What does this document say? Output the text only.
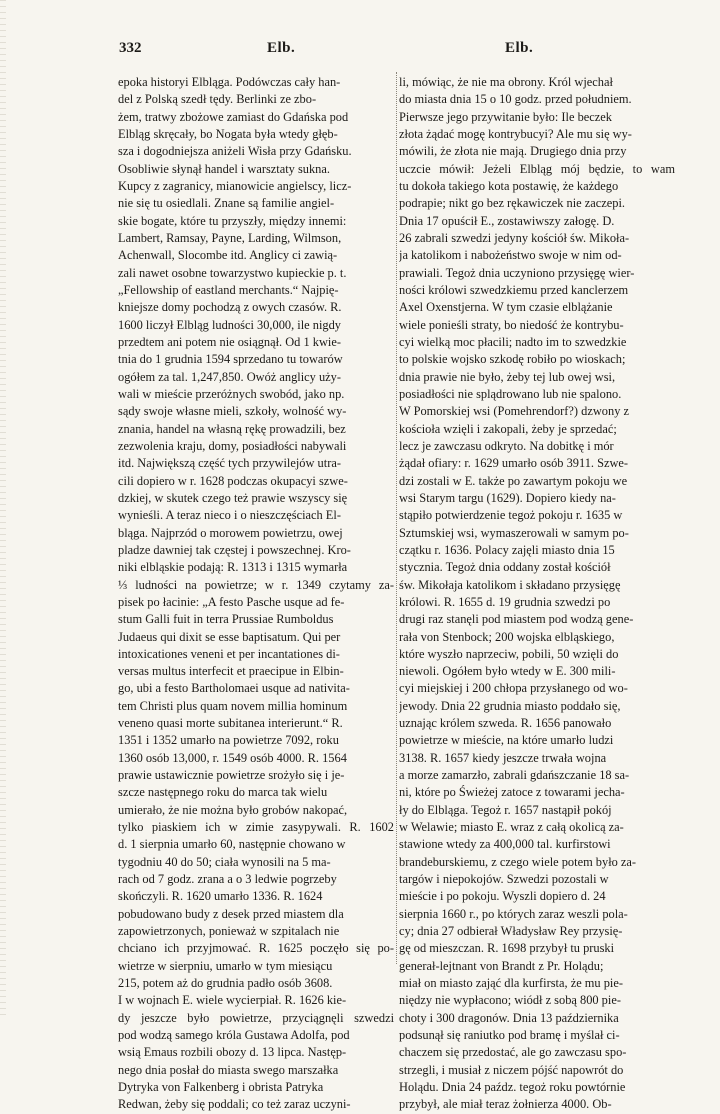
332	Elb.	Elb.
epoka historyi Elbląga. Podówczas cały han-
del z Polską szedł tędy. Berlinki ze zbo-
żem, tratwy zbożowe zamiast do Gdańska pod
Elbląg skręcały, bo Nogata była wtedy głęb-
sza i dogodniejsza aniżeli Wisła przy Gdańsku.
Osobliwie słynął handel i warsztaty sukna.
Kupcy z zagranicy, mianowicie angielscy, licz-
nie się tu osiedlali. Znane są familie angiel-
skie bogate, które tu przyszły, między innemi:
Lambert, Ramsay, Payne, Larding, Wilmson,
Achenwall, Slocombe itd. Anglicy ci zawią-
zali nawet osobne towarzystwo kupieckie p. t.
„Fellowship of eastland merchants.“ Najpię-
kniejsze domy pochodzą z owych czasów. R.
1600 liczył Elbląg ludności 30,000, ile nigdy
przedtem ani potem nie osiągnął. Od 1 kwie-
tnia do 1 grudnia 1594 sprzedano tu towarów
ogółem za tal. 1,247,850. Owóż anglicy uży-
wali w mieście przeróżnych swobód, jako np.
sądy swoje własne mieli, szkoły, wolność wy-
znania, handel na własną rękę prowadzili, bez
zezwolenia kraju, domy, posiadłości nabywali
itd. Największą część tych przywilejów utra-
cili dopiero w r. 1628 podczas okupacyi szwe-
dzkiej, w skutek czego też prawie wszyscy się
wynieśli. A teraz nieco i o nieszczęściach El-
bląga. Najprzód o morowem powietrzu, owej
pladze dawniej tak częstej i powszechnej. Kro-
niki elbląskie podają: R. 1313 i 1315 wymarła
⅓ ludności na powietrze; w r. 1349 czytamy za-
pisek po łacinie: „A festo Pasche usque ad fe-
stum Galli fuit in terra Prussiae Rumboldus
Judaeus qui dixit se esse baptisatum. Qui per
intoxicationes veneni et per incantationes di-
versas multus interfecit et praecipue in Elbin-
go, ubi a festo Bartholomaei usque ad nativita-
tem Christi plus quam novem millia hominum
veneno quasi morte subitanea interierunt.“ R.
1351 i 1352 umarło na powietrze 7092, roku
1360 osób 13,000, r. 1549 osób 4000. R. 1564
prawie ustawicznie powietrze srożyło się i je-
szcze następnego roku do marca tak wielu
umierało, że nie można było grobów nakopać,
tylko piaskiem ich w zimie zasypywali. R. 1602
d. 1 sierpnia umarło 60, następnie chowano w
tygodniu 40 do 50; ciała wynosili na 5 ma-
rach od 7 godz. zrana a o 3 ledwie pogrzeby
skończyli. R. 1620 umarło 1336. R. 1624
pobudowano budy z desek przed miastem dla
zapowietrzonych, ponieważ w szpitalach nie
chciano ich przyjmować. R. 1625 poczęło się po-
wietrze w sierpniu, umarło w tym miesiącu
215, potem aż do grudnia padło osób 3608.
I w wojnach E. wiele wycierpiał. R. 1626 kie-
dy jeszcze było powietrze, przyciągnęli szwedzi
pod wodzą samego króla Gustawa Adolfa, pod
wsią Emaus rozbili obozy d. 13 lipca. Następ-
nego dnia posłał do miasta swego marszałka
Dytryka von Falkenberg i obrista Patryka
Redwan, żeby się poddali; co też zaraz uczyni-
li, mówiąc, że nie ma obrony. Król wjechał
do miasta dnia 15 o 10 godz. przed południem.
Pierwsze jego przywitanie było: Ile beczek
złota żądać mogę kontrybucyi? Ale mu się wy-
mówili, że złota nie mają. Drugiego dnia przy
uczcie mówił: Jeżeli Elbląg mój będzie, to wam
tu dokoła takiego kota postawię, że każdego
podrapie; nikt go bez rękawiczek nie zaczepi.
Dnia 17 opuścił E., zostawiwszy załogę. D.
26 zabrali szwedzi jedyny kościół św. Mikoła-
ja katolikom i nabożeństwo swoje w nim od-
prawiali. Tegoż dnia uczyniono przysięgę wier-
ności królowi szwedzkiemu przed kanclerzem
Axel Oxenstjerna. W tym czasie elblążanie
wiele ponieśli straty, bo niedość że kontrybu-
cyi wielką moc płacili; nadto im to szwedzkie
to polskie wojsko szkodę robiło po wioskach;
dnia prawie nie było, żeby tej lub owej wsi,
posiadłości nie splądrowano lub nie spalono.
W Pomorskiej wsi (Pomehrendorf?) dzwony z
kościoła wzięli i zakopali, żeby je sprzedać;
lecz je zawczasu odkryto. Na dobitkę i mór
żądał ofiary: r. 1629 umarło osób 3911. Szwe-
dzi zostali w E. także po zawartym pokoju we
wsi Starym targu (1629). Dopiero kiedy na-
stąpiło potwierdzenie tegoż pokoju r. 1635 w
Sztumskiej wsi, wymaszerowali w samym po-
czątku r. 1636. Polacy zajęli miasto dnia 15
stycznia. Tegoż dnia oddany został kościół
św. Mikołaja katolikom i składano przysięgę
królowi. R. 1655 d. 19 grudnia szwedzi po
drugi raz stanęli pod miastem pod wodzą gene-
rała von Stenbock; 200 wojska elbląskiego,
które wyszło naprzeciw, pobili, 50 wzięli do
niewoli. Ogółem było wtedy w E. 300 mili-
cyi miejskiej i 200 chłopa przysłanego od wo-
jewody. Dnia 22 grudnia miasto poddało się,
uznając królem szweda. R. 1656 panowało
powietrze w mieście, na które umarło ludzi
3138. R. 1657 kiedy jeszcze trwała wojna
a morze zamarzło, zabrali gdańszczanie 18 sa-
ni, które po Świeżej zatoce z towarami jecha-
ły do Elbląga. Tegoż r. 1657 nastąpił pokój
w Welawie; miasto E. wraz z całą okolicą za-
stawione wtedy za 400,000 tal. kurfirstowi
brandeburskiemu, z czego wiele potem było za-
targów i niepokojów. Szwedzi pozostali w
mieście i po pokoju. Wyszli dopiero d. 24
sierpnia 1660 r., po których zaraz weszli pola-
cy; dnia 27 odbierał Władysław Rey przysię-
gę od mieszczan. R. 1698 przybył tu pruski
generał-lejtnant von Brandt z Pr. Holądu;
miał on miasto zająć dla kurfirsta, że mu pie-
niędzy nie wypłacono; wiódł z sobą 800 pie-
choty i 300 dragonów. Dnia 13 października
podsunął się raniutko pod bramę i myślał ci-
chaczem się przedostać, ale go zawczasu spo-
strzegli, i musiał z niczem pójść napowrót do
Holądu. Dnia 24 paźdz. tegoż roku powtórnie
przybył, ale miał teraz żołnierza 4000. Ob-
